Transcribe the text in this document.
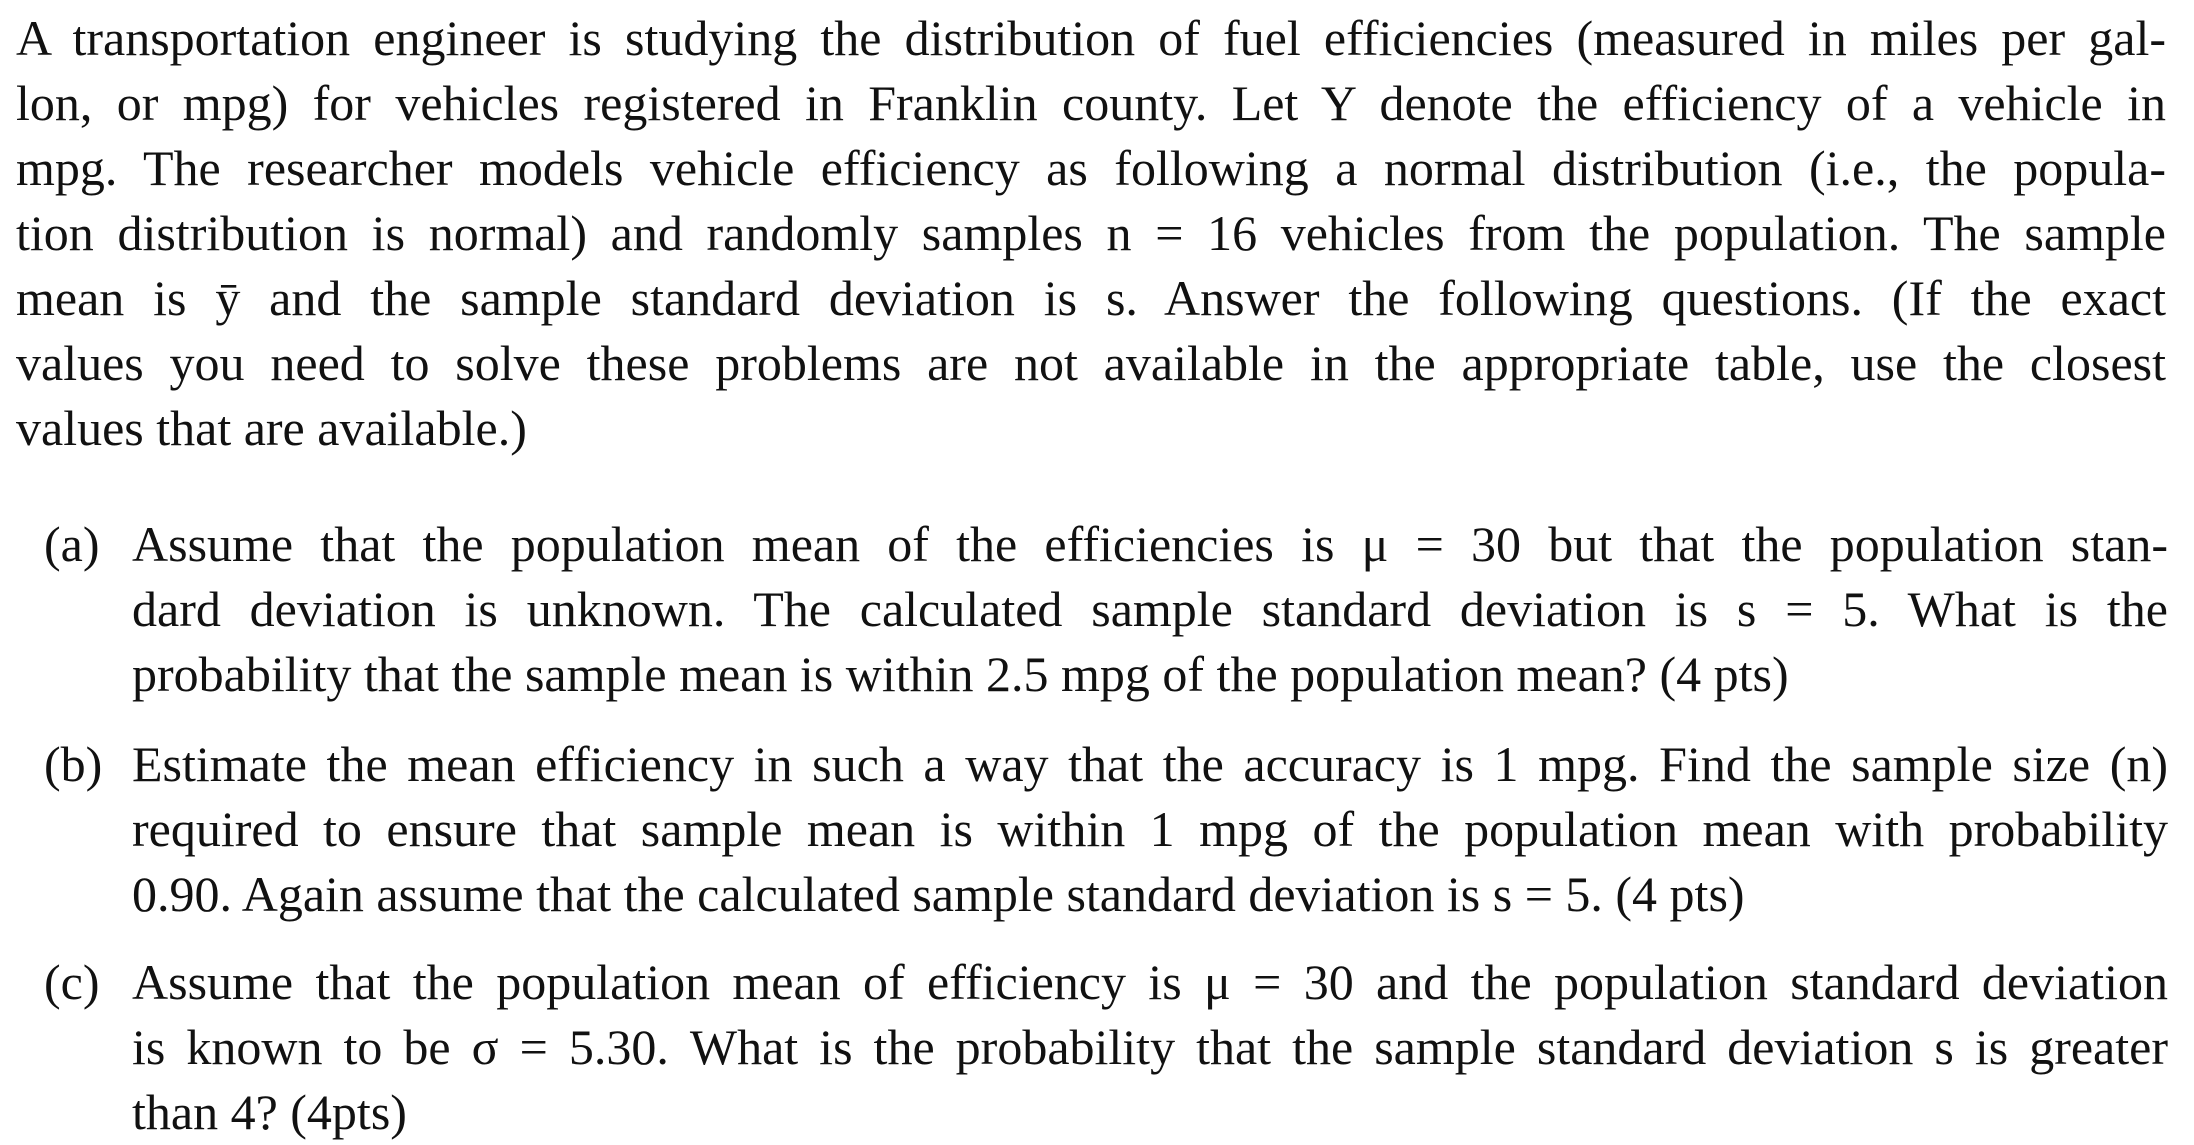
A transportation engineer is studying the distribution of fuel efficiencies (measured in miles per gal-
lon, or mpg) for vehicles registered in Franklin county. Let Y denote the efficiency of a vehicle in
mpg. The researcher models vehicle efficiency as following a normal distribution (i.e., the popula-
tion distribution is normal) and randomly samples n = 16 vehicles from the population. The sample
mean is ȳ and the sample standard deviation is s. Answer the following questions. (If the exact
values you need to solve these problems are not available in the appropriate table, use the closest
values that are available.)
(a) Assume that the population mean of the efficiencies is μ = 30 but that the population stan-
dard deviation is unknown. The calculated sample standard deviation is s = 5. What is the
probability that the sample mean is within 2.5 mpg of the population mean? (4 pts)
(b) Estimate the mean efficiency in such a way that the accuracy is 1 mpg. Find the sample size (n)
required to ensure that sample mean is within 1 mpg of the population mean with probability
0.90. Again assume that the calculated sample standard deviation is s = 5. (4 pts)
(c) Assume that the population mean of efficiency is μ = 30 and the population standard deviation
is known to be σ = 5.30. What is the probability that the sample standard deviation s is greater
than 4? (4pts)
